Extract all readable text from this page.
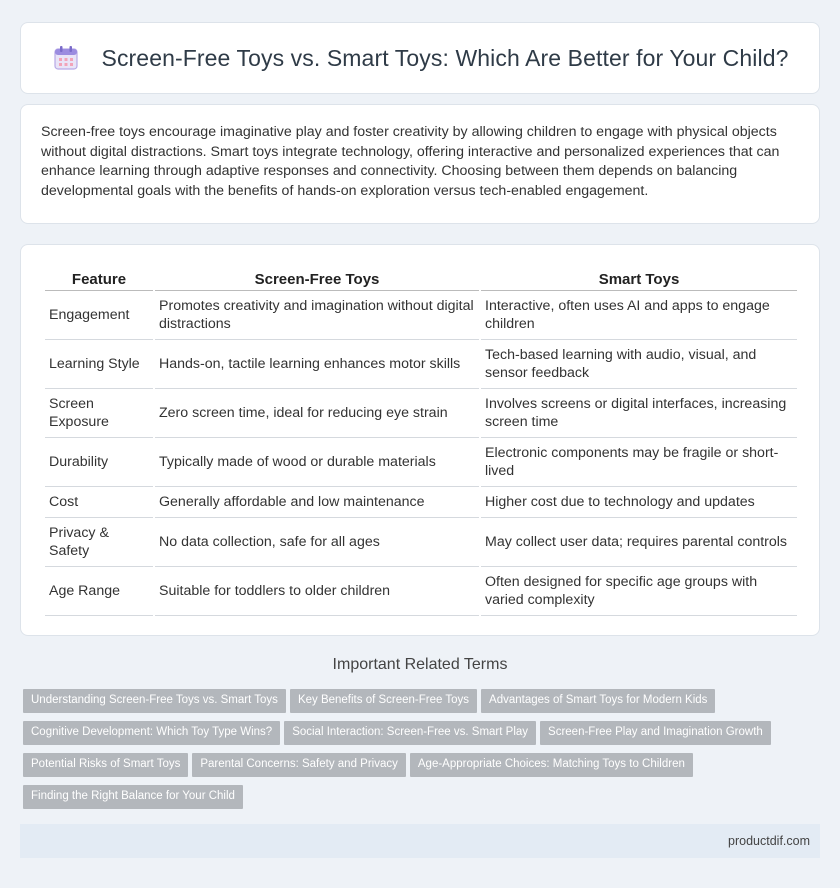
Screen-Free Toys vs. Smart Toys: Which Are Better for Your Child?

Screen-free toys encourage imaginative play and foster creativity by allowing children to engage with physical objects without digital distractions. Smart toys integrate technology, offering interactive and personalized experiences that can enhance learning through adaptive responses and connectivity. Choosing between them depends on balancing developmental goals with the benefits of hands-on exploration versus tech-enabled engagement.

Feature	Screen-Free Toys	Smart Toys
Engagement	Promotes creativity and imagination without digital distractions	Interactive, often uses AI and apps to engage children
Learning Style	Hands-on, tactile learning enhances motor skills	Tech-based learning with audio, visual, and sensor feedback
Screen Exposure	Zero screen time, ideal for reducing eye strain	Involves screens or digital interfaces, increasing screen time
Durability	Typically made of wood or durable materials	Electronic components may be fragile or short-lived
Cost	Generally affordable and low maintenance	Higher cost due to technology and updates
Privacy & Safety	No data collection, safe for all ages	May collect user data; requires parental controls
Age Range	Suitable for toddlers to older children	Often designed for specific age groups with varied complexity
Important Related Terms
Understanding Screen-Free Toys vs. Smart Toys Key Benefits of Screen-Free Toys Advantages of Smart Toys for Modern Kids
Cognitive Development: Which Toy Type Wins? Social Interaction: Screen-Free vs. Smart Play Screen-Free Play and Imagination Growth
Potential Risks of Smart Toys Parental Concerns: Safety and Privacy Age-Appropriate Choices: Matching Toys to Children
Finding the Right Balance for Your Child
productdif.com
